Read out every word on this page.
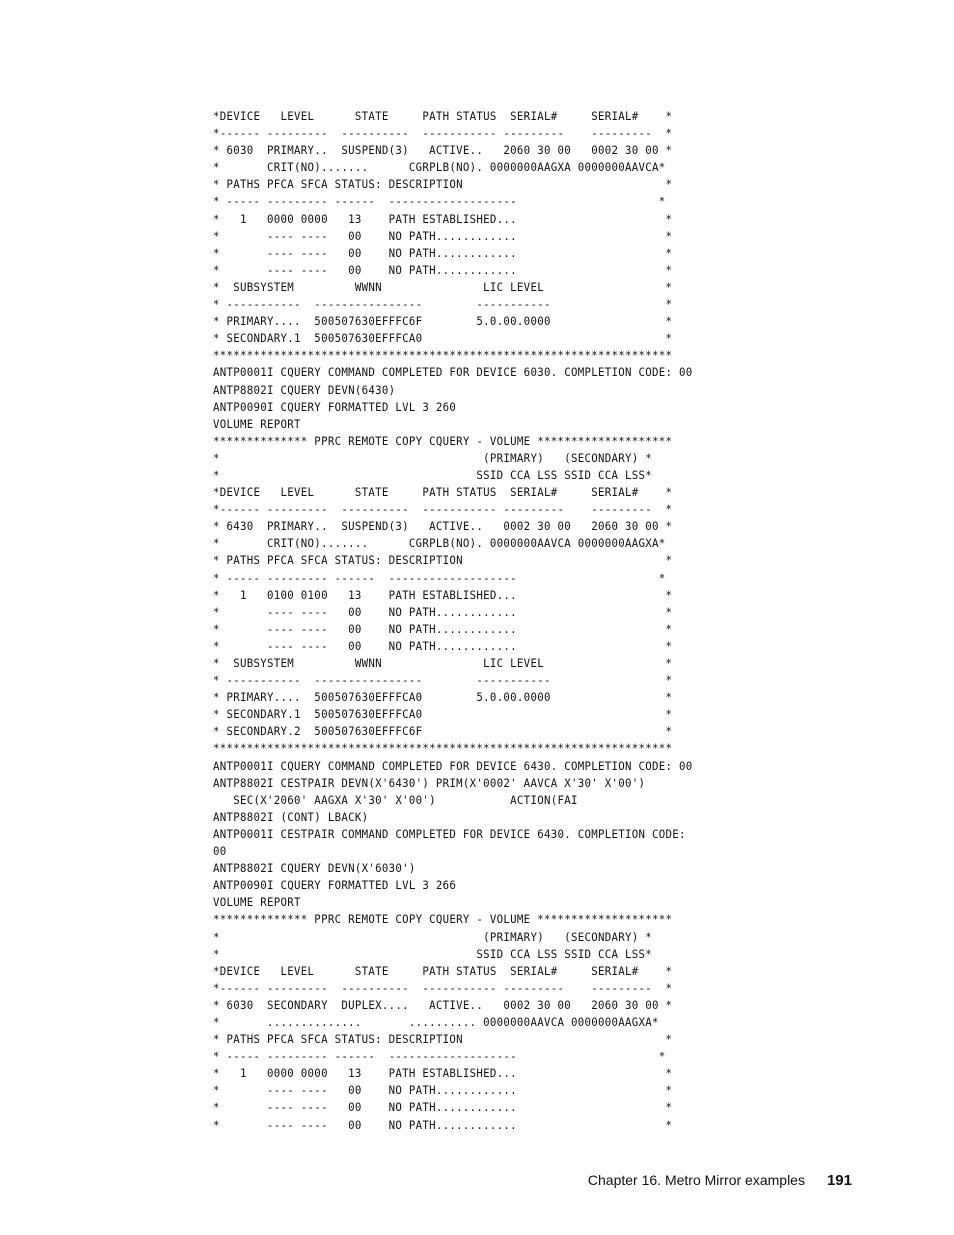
*DEVICE   LEVEL      STATE     PATH STATUS  SERIAL#     SERIAL#    *
*------ ---------  ----------  ----------- ---------    ---------  *
* 6030  PRIMARY..  SUSPEND(3)   ACTIVE..   2060 30 00   0002 30 00 *
*       CRIT(NO).......      CGRPLB(NO). 0000000AAGXA 0000000AAVCA*
* PATHS PFCA SFCA STATUS: DESCRIPTION                              *
* ----- --------- ------  -------------------                     *
*   1   0000 0000   13    PATH ESTABLISHED...                      *
*       ---- ----   00    NO PATH............                      *
*       ---- ----   00    NO PATH............                      *
*       ---- ----   00    NO PATH............                      *
*  SUBSYSTEM         WWNN               LIC LEVEL                  *
* -----------  ----------------        -----------                 *
* PRIMARY....  500507630EFFFC6F        5.0.00.0000                 *
* SECONDARY.1  500507630EFFFCA0                                    *
********************************************************************
ANTP0001I CQUERY COMMAND COMPLETED FOR DEVICE 6030. COMPLETION CODE: 00
ANTP8802I CQUERY DEVN(6430)
ANTP0090I CQUERY FORMATTED LVL 3 260
VOLUME REPORT
************** PPRC REMOTE COPY CQUERY - VOLUME ********************
*                                       (PRIMARY)   (SECONDARY) *
*                                      SSID CCA LSS SSID CCA LSS*
*DEVICE   LEVEL      STATE     PATH STATUS  SERIAL#     SERIAL#    *
*------ ---------  ----------  ----------- ---------    ---------  *
* 6430  PRIMARY..  SUSPEND(3)   ACTIVE..   0002 30 00   2060 30 00 *
*       CRIT(NO).......      CGRPLB(NO). 0000000AAVCA 0000000AAGXA*
* PATHS PFCA SFCA STATUS: DESCRIPTION                              *
* ----- --------- ------  -------------------                     *
*   1   0100 0100   13    PATH ESTABLISHED...                      *
*       ---- ----   00    NO PATH............                      *
*       ---- ----   00    NO PATH............                      *
*       ---- ----   00    NO PATH............                      *
*  SUBSYSTEM         WWNN               LIC LEVEL                  *
* -----------  ----------------        -----------                 *
* PRIMARY....  500507630EFFFCA0        5.0.00.0000                 *
* SECONDARY.1  500507630EFFFCA0                                    *
* SECONDARY.2  500507630EFFFC6F                                    *
********************************************************************
ANTP0001I CQUERY COMMAND COMPLETED FOR DEVICE 6430. COMPLETION CODE: 00
ANTP8802I CESTPAIR DEVN(X'6430') PRIM(X'0002' AAVCA X'30' X'00')
SEC(X'2060' AAGXA X'30' X'00')           ACTION(FAI
ANTP8802I (CONT) LBACK)
ANTP0001I CESTPAIR COMMAND COMPLETED FOR DEVICE 6430. COMPLETION CODE:
00
ANTP8802I CQUERY DEVN(X'6030')
ANTP0090I CQUERY FORMATTED LVL 3 266
VOLUME REPORT
************** PPRC REMOTE COPY CQUERY - VOLUME ********************
*                                       (PRIMARY)   (SECONDARY) *
*                                      SSID CCA LSS SSID CCA LSS*
*DEVICE   LEVEL      STATE     PATH STATUS  SERIAL#     SERIAL#    *
*------ ---------  ----------  ----------- ---------    ---------  *
* 6030  SECONDARY  DUPLEX....   ACTIVE..   0002 30 00   2060 30 00 *
*       ..............       .......... 0000000AAVCA 0000000AAGXA*
* PATHS PFCA SFCA STATUS: DESCRIPTION                              *
* ----- --------- ------  -------------------                     *
*   1   0000 0000   13    PATH ESTABLISHED...                      *
*       ---- ----   00    NO PATH............                      *
*       ---- ----   00    NO PATH............                      *
*       ---- ----   00    NO PATH............                      *
Chapter 16. Metro Mirror examples 191
